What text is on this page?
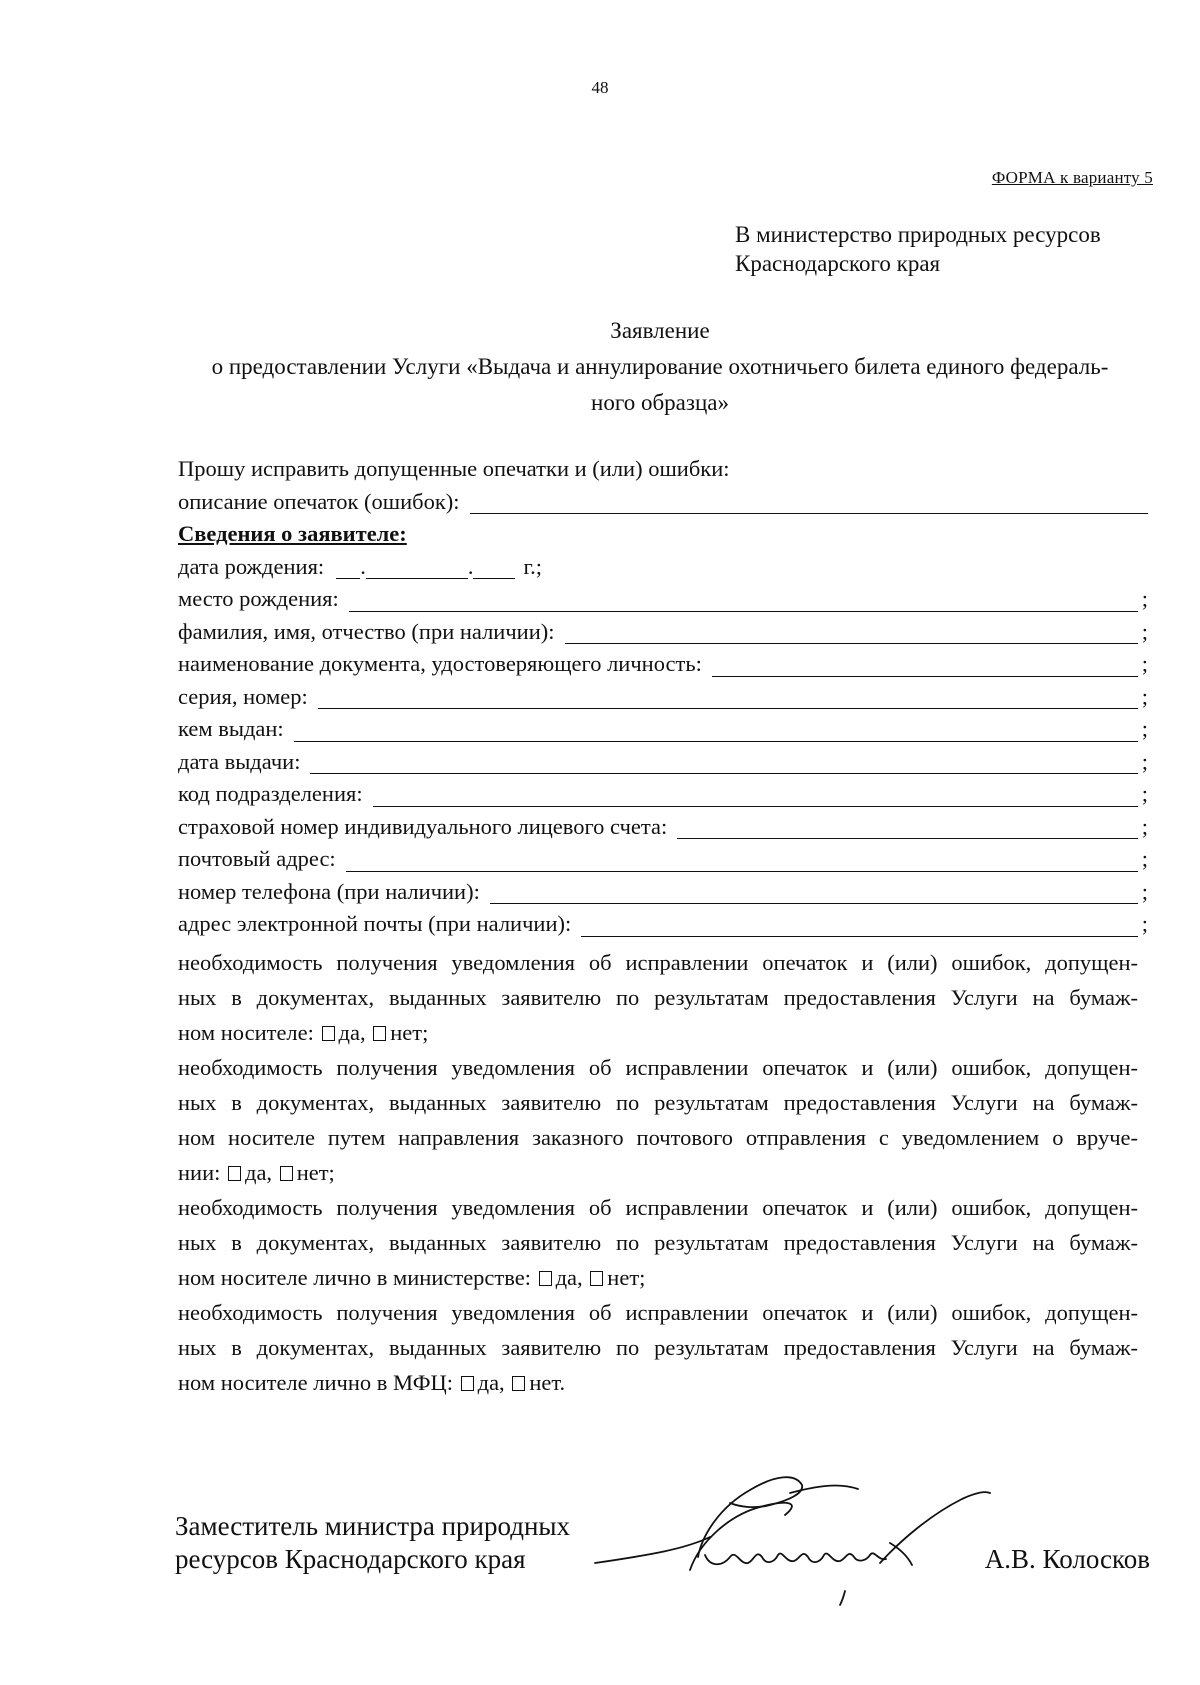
48
ФОРМА к варианту 5
В министерство природных ресурсов
Краснодарского края
Заявление
о предоставлении Услуги «Выдача и аннулирование охотничьего билета единого федераль-
ного образца»
Прошу исправить допущенные опечатки и (или) ошибки:
описание опечаток (ошибок):
Сведения о заявителе:
дата рождения: .	. г.;
место рождения:	;
фамилия, имя, отчество (при наличии):	;
наименование документа, удостоверяющего личность:	;
серия, номер:	;
кем выдан:	;
дата выдачи:	;
код подразделения:	;
страховой номер индивидуального лицевого счета:	;
почтовый адрес:	;
номер телефона (при наличии):	;
адрес электронной почты (при наличии):	;
необходимость получения уведомления об исправлении опечаток и (или) ошибок, допущен-
ных в документах, выданных заявителю по результатам предоставления Услуги на бумаж-
ном носителе: да, нет;
необходимость получения уведомления об исправлении опечаток и (или) ошибок, допущен-
ных в документах, выданных заявителю по результатам предоставления Услуги на бумаж-
ном носителе путем направления заказного почтового отправления с уведомлением о вруче-
нии: да, нет;
необходимость получения уведомления об исправлении опечаток и (или) ошибок, допущен-
ных в документах, выданных заявителю по результатам предоставления Услуги на бумаж-
ном носителе лично в министерстве: да, нет;
необходимость получения уведомления об исправлении опечаток и (или) ошибок, допущен-
ных в документах, выданных заявителю по результатам предоставления Услуги на бумаж-
ном носителе лично в МФЦ: да, нет.
Заместитель министра природных
ресурсов Краснодарского края	А.В. Колосков
